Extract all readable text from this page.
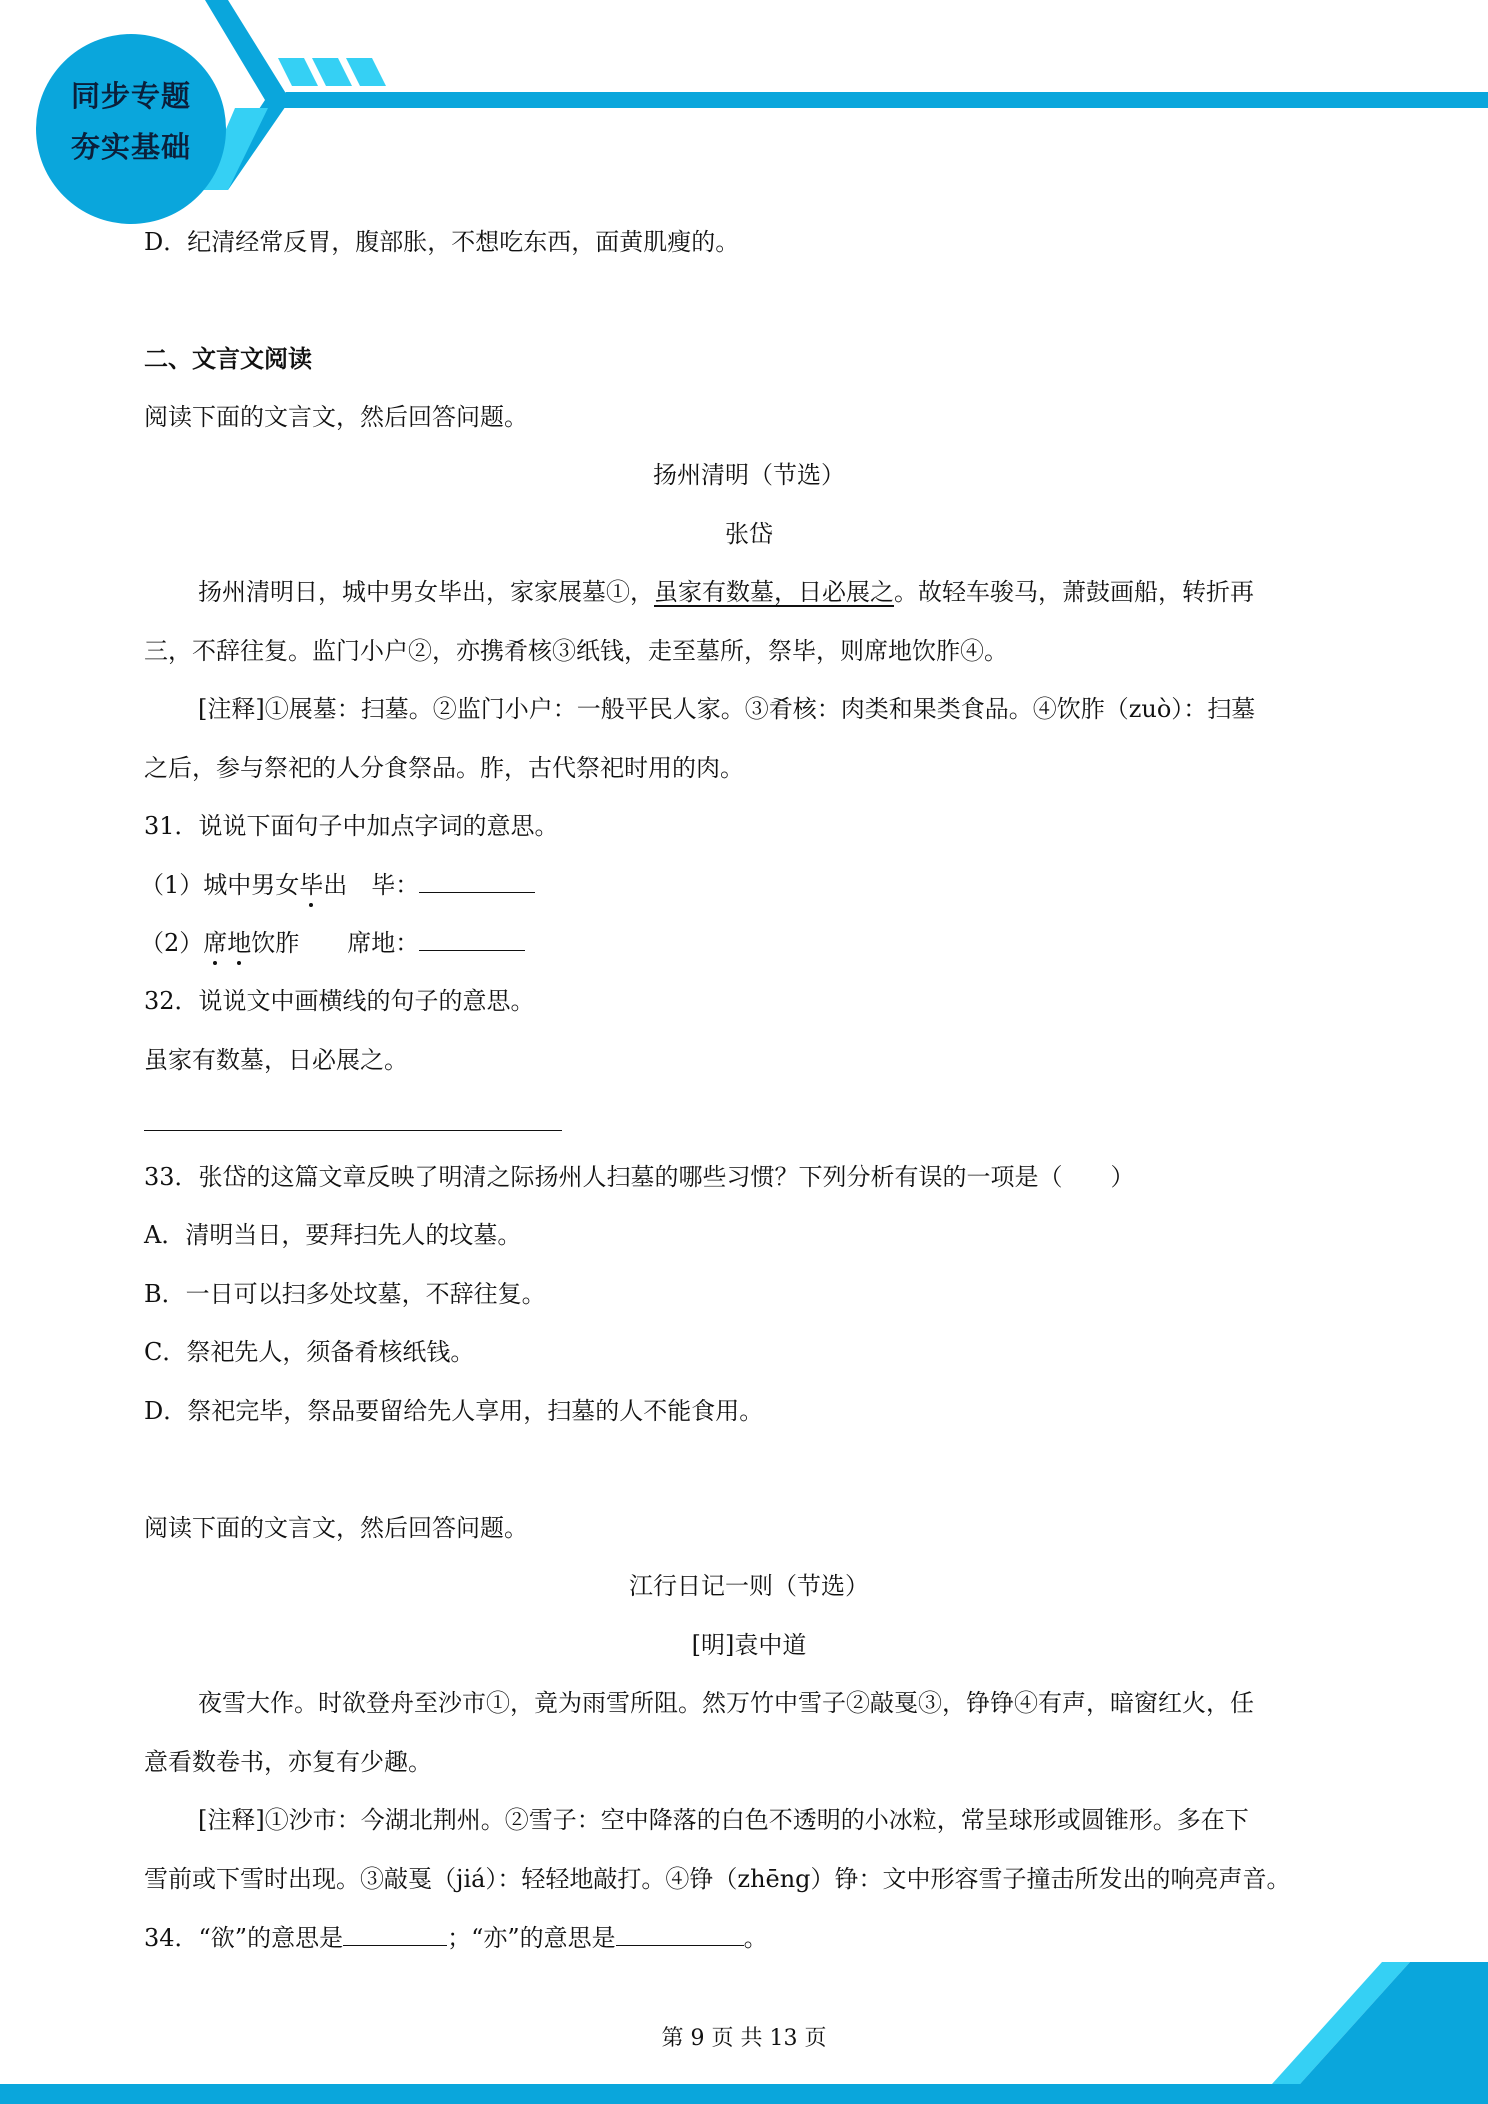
同步专题
夯实基础
D．纪清经常反胃，腹部胀，不想吃东西，面黄肌瘦的。
二、文言文阅读
阅读下面的文言文，然后回答问题。
扬州清明（节选）
张岱
扬州清明日，城中男女毕出，家家展墓①，虽家有数墓，日必展之。故轻车骏马，萧鼓画船，转折再
三，不辞往复。监门小户②，亦携肴核③纸钱，走至墓所，祭毕，则席地饮胙④。
[注释]①展墓：扫墓。②监门小户：一般平民人家。③肴核：肉类和果类食品。④饮胙（zuò）：扫墓
之后，参与祭祀的人分食祭品。胙，古代祭祀时用的肉。
31．说说下面句子中加点字词的意思。
（1）城中男女毕出　毕：
（2）席地饮胙　　席地：
32．说说文中画横线的句子的意思。
虽家有数墓，日必展之。
33．张岱的这篇文章反映了明清之际扬州人扫墓的哪些习惯？下列分析有误的一项是（　　）
A．清明当日，要拜扫先人的坟墓。
B．一日可以扫多处坟墓，不辞往复。
C．祭祀先人，须备肴核纸钱。
D．祭祀完毕，祭品要留给先人享用，扫墓的人不能食用。
阅读下面的文言文，然后回答问题。
江行日记一则（节选）
[明]袁中道
夜雪大作。时欲登舟至沙市①，竟为雨雪所阻。然万竹中雪子②敲戛③，铮铮④有声，暗窗红火，任
意看数卷书，亦复有少趣。
[注释]①沙市：今湖北荆州。②雪子：空中降落的白色不透明的小冰粒，常呈球形或圆锥形。多在下
雪前或下雪时出现。③敲戛（jiá）：轻轻地敲打。④铮（zhēng）铮：文中形容雪子撞击所发出的响亮声音。
34．“欲”的意思是	；“亦”的意思是	。
第 9 页 共 13 页
